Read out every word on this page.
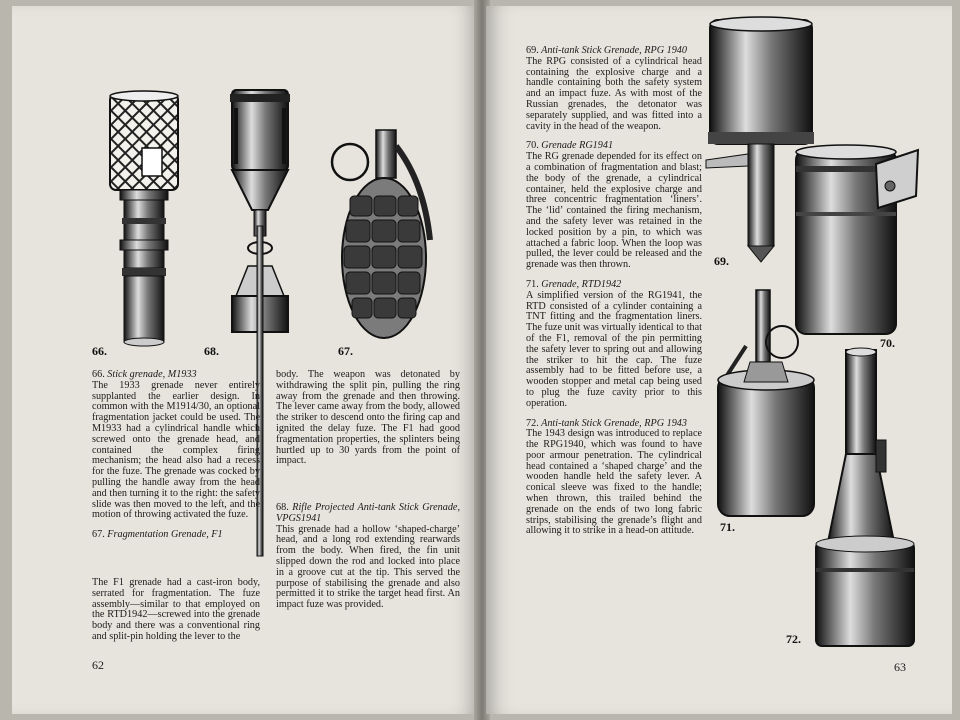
66.	68.	67.

66. Stick grenade, M1933
The 1933 grenade never entirely supplanted the earlier design. In common with the M1914/30, an optional fragmentation jacket could be used. The M1933 had a cylindrical handle which screwed onto the grenade head, and contained the complex firing mechanism; the head also had a recess for the fuze. The grenade was cocked by pulling the handle away from the head and then turning it to the right: the safety slide was then moved to the left, and the motion of throwing activated the fuze.

67. Fragmentation Grenade, F1

The F1 grenade had a cast-iron body, serrated for fragmentation. The fuze assembly—similar to that employed on the RTD1942—screwed into the grenade body and there was a conventional ring and split-pin holding the lever to the

body. The weapon was detonated by withdrawing the split pin, pulling the ring away from the grenade and then throwing. The lever came away from the body, allowed the striker to descend onto the firing cap and ignited the delay fuze. The F1 had good fragmentation properties, the splinters being hurtled up to 30 yards from the point of impact.

68. Rifle Projected Anti-tank Stick Grenade, VPGS1941
This grenade had a hollow ‘shaped-charge’ head, and a long rod extending rearwards from the body. When fired, the fin unit slipped down the rod and locked into place in a groove cut at the tip. This served the purpose of stabilising the grenade and also permitted it to strike the target head first. An impact fuze was provided.

62

69. Anti-tank Stick Grenade, RPG 1940
The RPG consisted of a cylindrical head containing the explosive charge and a handle containing both the safety system and an impact fuze. As with most of the Russian grenades, the detonator was separately supplied, and was fitted into a cavity in the head of the weapon.

70. Grenade RG1941
The RG grenade depended for its effect on a combination of fragmentation and blast; the body of the grenade, a cylindrical container, held the explosive charge and three concentric fragmentation ‘liners’. The ‘lid’ contained the firing mechanism, and the safety lever was retained in the locked position by a pin, to which was attached a fabric loop. When the loop was pulled, the lever could be released and the grenade was then thrown.

71. Grenade, RTD1942
A simplified version of the RG1941, the RTD consisted of a cylinder containing a TNT fitting and the fragmentation liners. The fuze unit was virtually identical to that of the F1, removal of the pin permitting the safety lever to spring out and allowing the striker to hit the cap. The fuze assembly had to be fitted before use, a wooden stopper and metal cap being used to plug the fuze cavity prior to this operation.

72. Anti-tank Stick Grenade, RPG 1943
The 1943 design was introduced to replace the RPG1940, which was found to have poor armour penetration. The cylindrical head contained a ‘shaped charge’ and the wooden handle held the safety lever. A conical sleeve was fixed to the handle; when thrown, this trailed behind the grenade on the ends of two long fabric strips, stabilising the grenade’s flight and allowing it to strike in a head-on attitude.

69.
70.
71.
72.
63
